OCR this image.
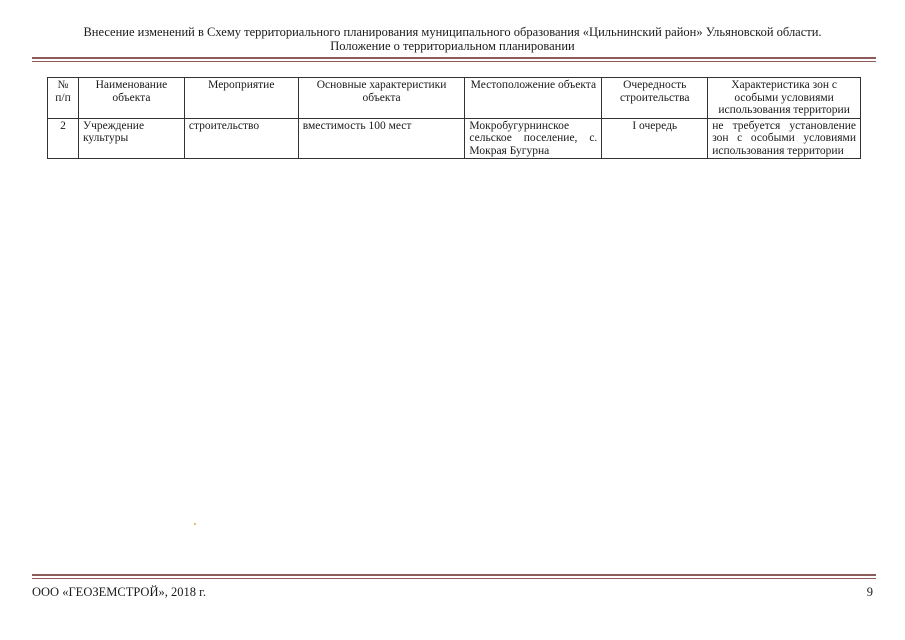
Внесение изменений в Схему территориального планирования муниципального образования «Цильнинский район» Ульяновской области.
Положение о территориальном планировании
№ п/п	Наименование объекта	Мероприятие	Основные характеристики объекта	Местоположение объекта	Очередность строительства	Характеристика зон с особыми условиями использования территории
2	Учреждение культуры	строительство	вместимость 100 мест	Мокробугурнинское сельское поселение, с. Мокрая Бугурна	I очередь	не требуется установление зон с особыми условиями использования территории
ООО «ГЕОЗЕМСТРОЙ», 2018 г.	9
